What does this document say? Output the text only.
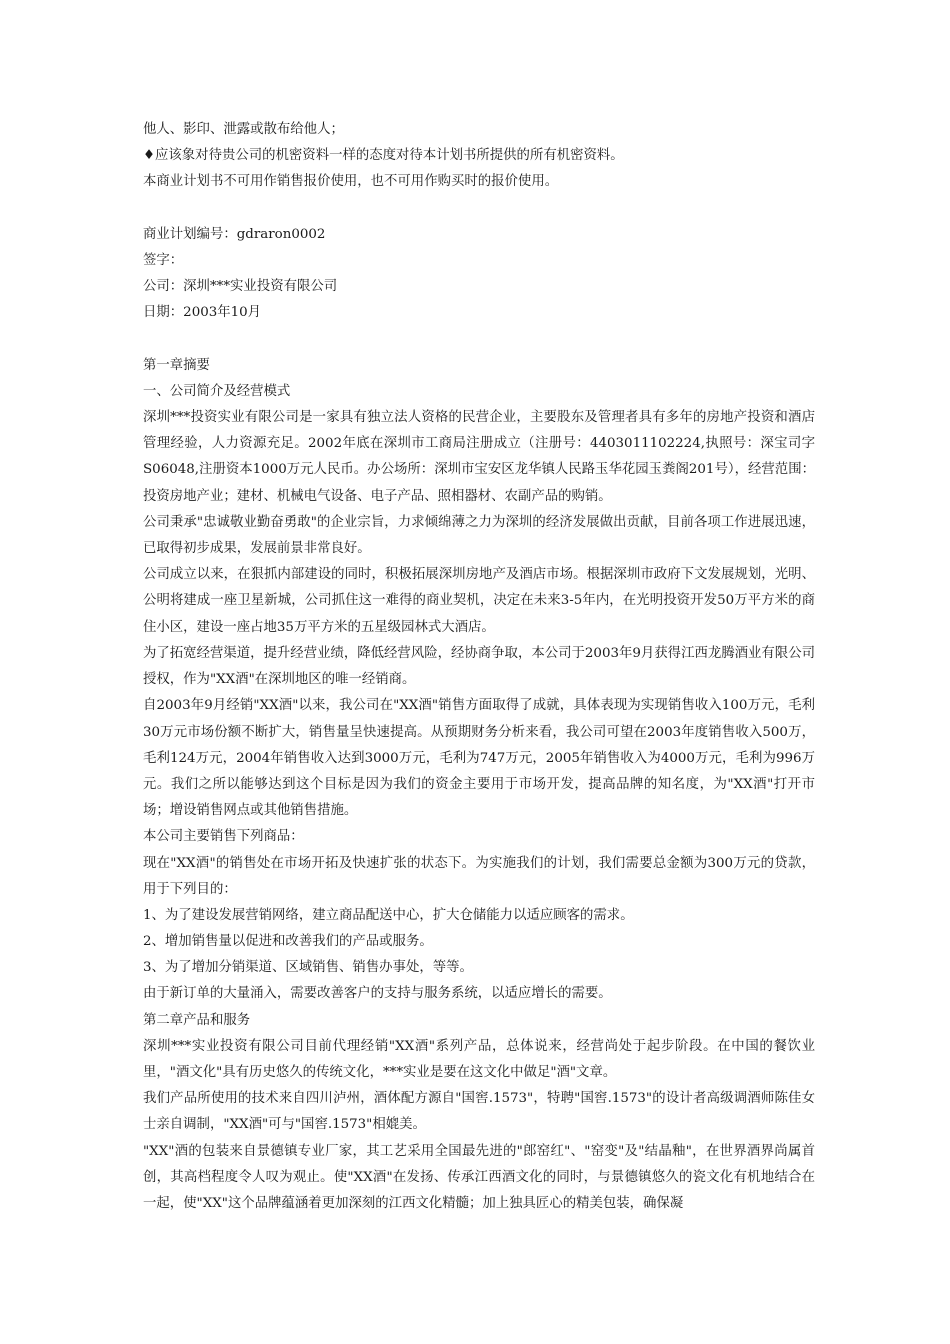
他人、影印、泄露或散布给他人；
♦应该象对待贵公司的机密资料一样的态度对待本计划书所提供的所有机密资料。
本商业计划书不可用作销售报价使用，也不可用作购买时的报价使用。
商业计划编号：gdraron0002
签字：
公司：深圳***实业投资有限公司
日期：2003年10月
第一章摘要
一、公司简介及经营模式
深圳***投资实业有限公司是一家具有独立法人资格的民营企业，主要股东及管理者具有多年的房地产投资和酒店管理经验，人力资源充足。2002年底在深圳市工商局注册成立（注册号：4403011102224,执照号：深宝司字S06048,注册资本1000万元人民币。办公场所：深圳市宝安区龙华镇人民路玉华花园玉粪阁201号），经营范围：投资房地产业；建材、机械电气设备、电子产品、照相器材、农副产品的购销。
公司秉承"忠诚敬业勤奋勇敢"的企业宗旨，力求倾绵薄之力为深圳的经济发展做出贡献，目前各项工作进展迅速，已取得初步成果，发展前景非常良好。
公司成立以来，在狠抓内部建设的同时，积极拓展深圳房地产及酒店市场。根据深圳市政府下文发展规划，光明、公明将建成一座卫星新城，公司抓住这一难得的商业契机，决定在未来3-5年内，在光明投资开发50万平方米的商住小区，建设一座占地35万平方米的五星级园林式大酒店。
为了拓宽经营渠道，提升经营业绩，降低经营风险，经协商争取，本公司于2003年9月获得江西龙腾酒业有限公司授权，作为"XX酒"在深圳地区的唯一经销商。
自2003年9月经销"XX酒"以来，我公司在"XX酒"销售方面取得了成就，具体表现为实现销售收入100万元，毛利30万元市场份额不断扩大，销售量呈快速提高。从预期财务分析来看，我公司可望在2003年度销售收入500万，毛利124万元，2004年销售收入达到3000万元，毛利为747万元，2005年销售收入为4000万元，毛利为996万元。我们之所以能够达到这个目标是因为我们的资金主要用于市场开发，提高品牌的知名度，为"XX酒"打开市场；增设销售网点或其他销售措施。
本公司主要销售下列商品：
现在"XX酒"的销售处在市场开拓及快速扩张的状态下。为实施我们的计划，我们需要总金额为300万元的贷款，用于下列目的：
1、为了建设发展营销网络，建立商品配送中心，扩大仓储能力以适应顾客的需求。
2、增加销售量以促进和改善我们的产品或服务。
3、为了增加分销渠道、区域销售、销售办事处，等等。
由于新订单的大量涌入，需要改善客户的支持与服务系统，以适应增长的需要。
第二章产品和服务
深圳***实业投资有限公司目前代理经销"XX酒"系列产品，总体说来，经营尚处于起步阶段。在中国的餐饮业里，"酒文化"具有历史悠久的传统文化，***实业是要在这文化中做足"酒"文章。
我们产品所使用的技术来自四川泸州，酒体配方源自"国窖.1573"，特聘"国窖.1573"的设计者高级调酒师陈佳女士亲自调制，"XX酒"可与"国窖.1573"相媲美。
"XX"酒的包装来自景德镇专业厂家，其工艺采用全国最先进的"郎窑红"、"窑变"及"结晶釉"，在世界酒界尚属首创，其高档程度令人叹为观止。使"XX酒"在发扬、传承江西酒文化的同时，与景德镇悠久的瓷文化有机地结合在一起，使"XX"这个品牌蕴涵着更加深刻的江西文化精髓；加上独具匠心的精美包装，确保凝
